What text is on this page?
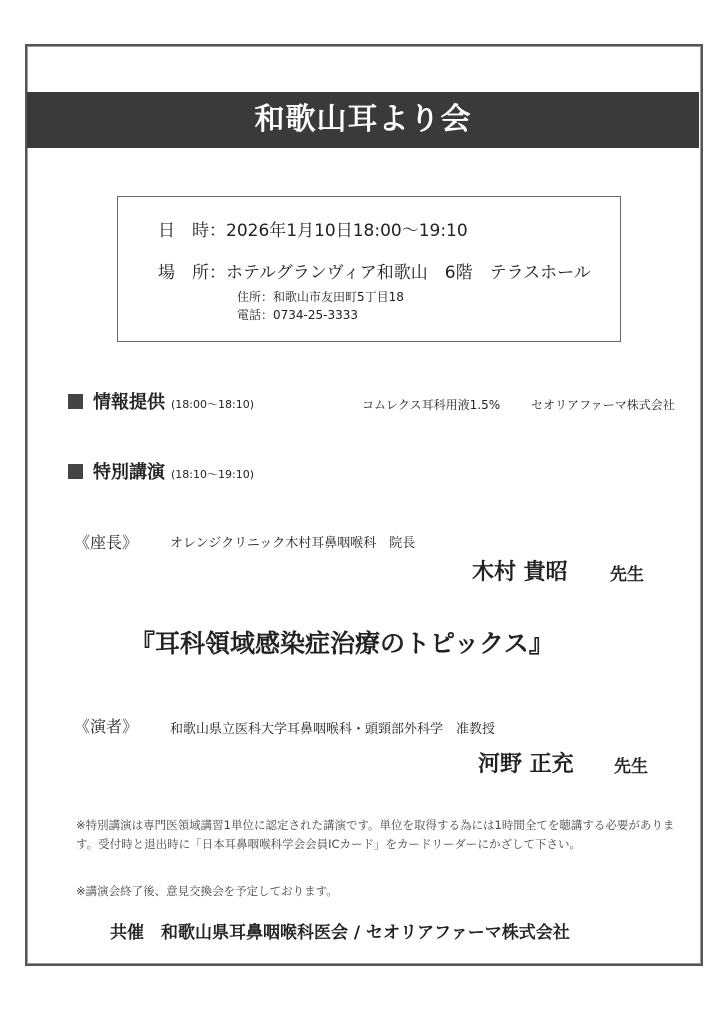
和歌山耳より会
日　時：2026年1月10日18:00～19:10
場　所：ホテルグランヴィア和歌山　6階　テラスホール
住所：和歌山市友田町5丁目18
電話：0734-25-3333
情報提供 (18:00～18:10)	コムレクス耳科用液1.5%	セオリアファーマ株式会社
特別講演 (18:10～19:10)
《座長》 オレンジクリニック木村耳鼻咽喉科　院長
木村 貴昭 先生
『耳科領域感染症治療のトピックス』
《演者》 和歌山県立医科大学耳鼻咽喉科・頭頸部外科学　准教授
河野 正充 先生
※特別講演は専門医領域講習1単位に認定された講演です。単位を取得する為には1時間全てを聴講する必要があります。受付時と退出時に「日本耳鼻咽喉科学会会員ICカード」をカードリーダーにかざして下さい。
※講演会終了後、意見交換会を予定しております。
共催　和歌山県耳鼻咽喉科医会 / セオリアファーマ株式会社
